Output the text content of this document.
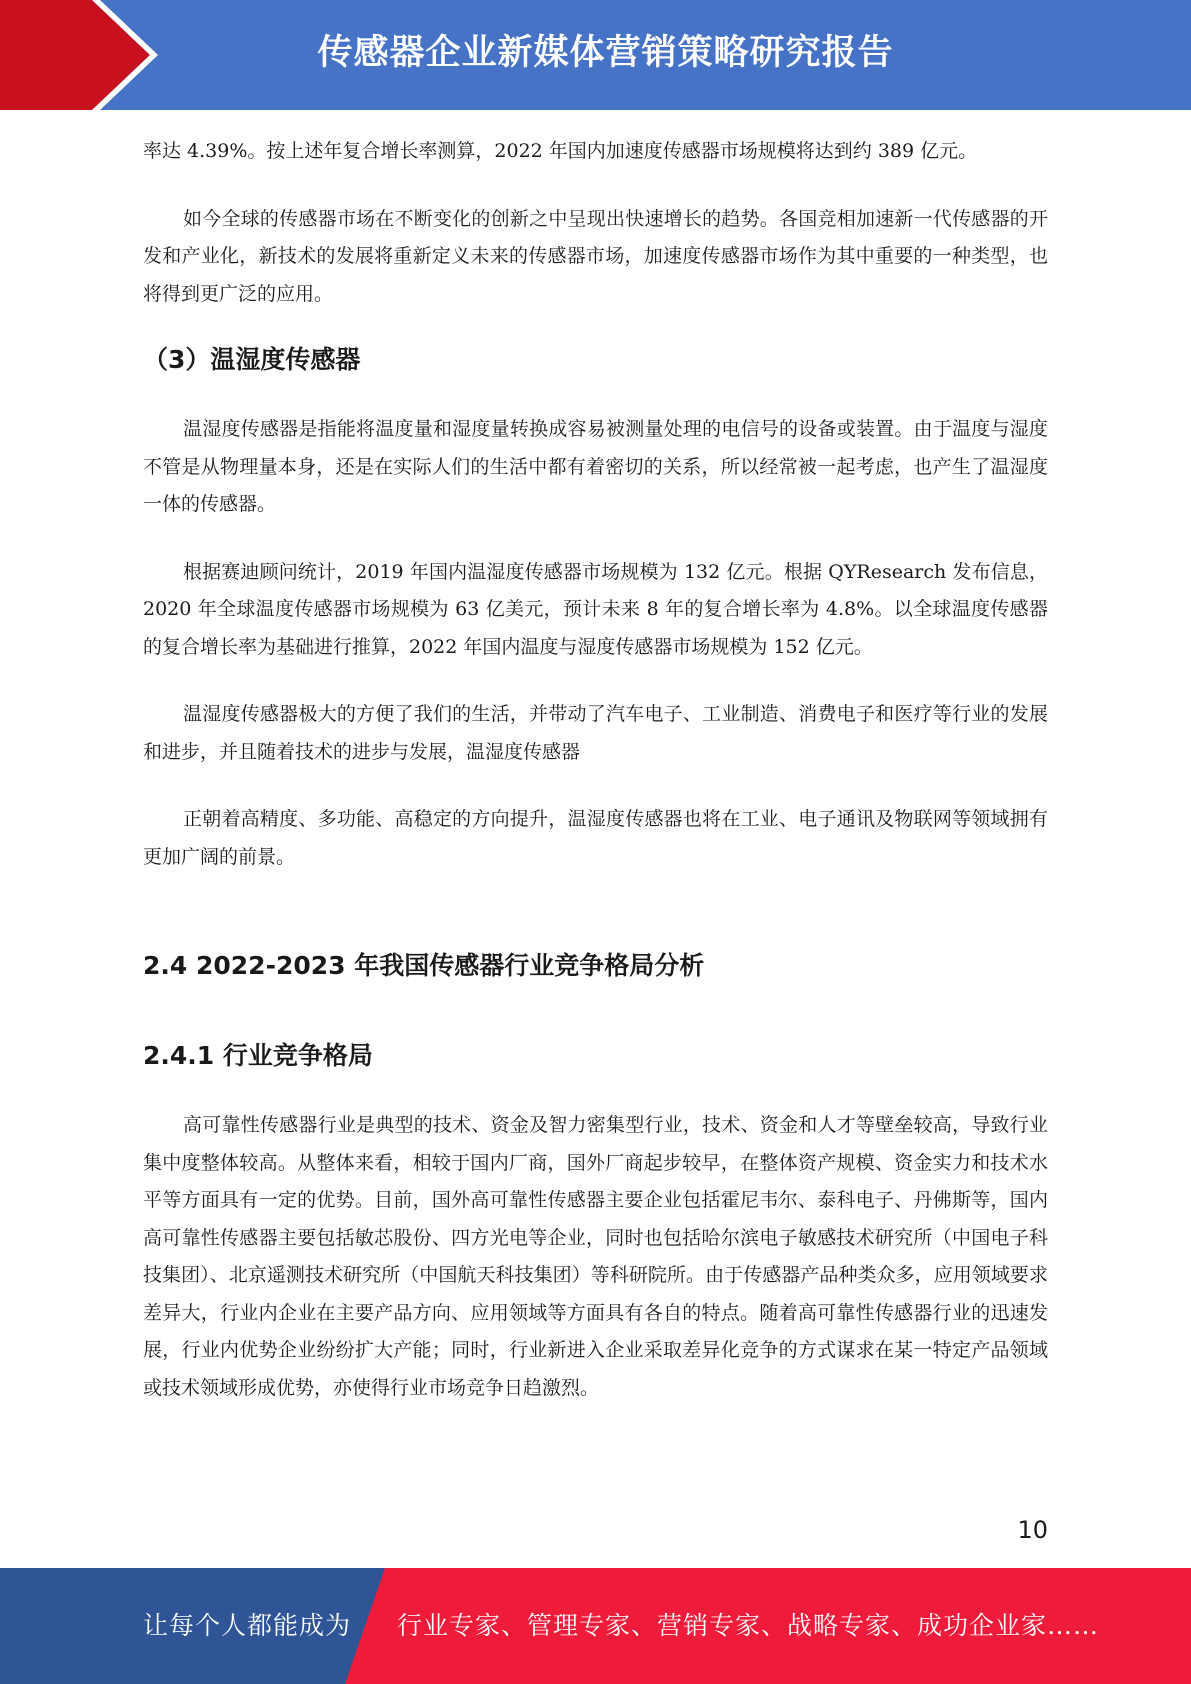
传感器企业新媒体营销策略研究报告

率达 4.39%。按上述年复合增长率测算，2022 年国内加速度传感器市场规模将达到约 389 亿元。

如今全球的传感器市场在不断变化的创新之中呈现出快速增长的趋势。各国竞相加速新一代传感器的开发和产业化，新技术的发展将重新定义未来的传感器市场，加速度传感器市场作为其中重要的一种类型，也将得到更广泛的应用。

（3）温湿度传感器

温湿度传感器是指能将温度量和湿度量转换成容易被测量处理的电信号的设备或装置。由于温度与湿度不管是从物理量本身，还是在实际人们的生活中都有着密切的关系，所以经常被一起考虑，也产生了温湿度一体的传感器。

根据赛迪顾问统计，2019 年国内温湿度传感器市场规模为 132 亿元。根据 QYResearch 发布信息，2020 年全球温度传感器市场规模为 63 亿美元，预计未来 8 年的复合增长率为 4.8%。以全球温度传感器的复合增长率为基础进行推算，2022 年国内温度与湿度传感器市场规模为 152 亿元。

温湿度传感器极大的方便了我们的生活，并带动了汽车电子、工业制造、消费电子和医疗等行业的发展和进步，并且随着技术的进步与发展，温湿度传感器

正朝着高精度、多功能、高稳定的方向提升，温湿度传感器也将在工业、电子通讯及物联网等领域拥有更加广阔的前景。

2.4 2022-2023 年我国传感器行业竞争格局分析
2.4.1 行业竞争格局

高可靠性传感器行业是典型的技术、资金及智力密集型行业，技术、资金和人才等壁垒较高，导致行业集中度整体较高。从整体来看，相较于国内厂商，国外厂商起步较早，在整体资产规模、资金实力和技术水平等方面具有一定的优势。目前，国外高可靠性传感器主要企业包括霍尼韦尔、泰科电子、丹佛斯等，国内高可靠性传感器主要包括敏芯股份、四方光电等企业，同时也包括哈尔滨电子敏感技术研究所（中国电子科技集团）、北京遥测技术研究所（中国航天科技集团）等科研院所。由于传感器产品种类众多，应用领域要求差异大，行业内企业在主要产品方向、应用领域等方面具有各自的特点。随着高可靠性传感器行业的迅速发展，行业内优势企业纷纷扩大产能；同时，行业新进入企业采取差异化竞争的方式谋求在某一特定产品领域或技术领域形成优势，亦使得行业市场竞争日趋激烈。

10
让每个人都能成为 行业专家、管理专家、营销专家、战略专家、成功企业家……
